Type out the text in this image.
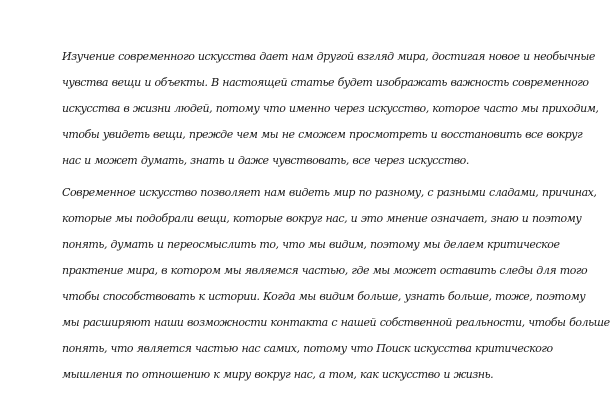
Изучение современного искусства дает нам другой взгляд мира, достигая новое и необычные
чувства вещи и объекты. В настоящей статье будет изображать важность современного
искусства в жизни людей, потому что именно через искусство, которое часто мы приходим,
чтобы увидеть вещи, прежде чем мы не сможем просмотреть и восстановить все вокруг
нас и может думать, знать и даже чувствовать, все через искусство.
Современное искусство позволяет нам видеть мир по разному, с разными сладами, причинах,
которые мы подобрали вещи, которые вокруг нас, и это мнение означает, знаю и поэтому
понять, думать и переосмыслить то, что мы видим, поэтому мы делаем критическое
практение мира, в котором мы являемся частью, где мы может оставить следы для того
чтобы способствовать к истории. Когда мы видим больше, узнать больше, тоже, поэтому
мы расширяют наши возможности контакта с нашей собственной реальности, чтобы больше
понять, что является частью нас самих, потому что Поиск искусства критического
мышления по отношению к миру вокруг нас, а том, как искусство и жизнь.
